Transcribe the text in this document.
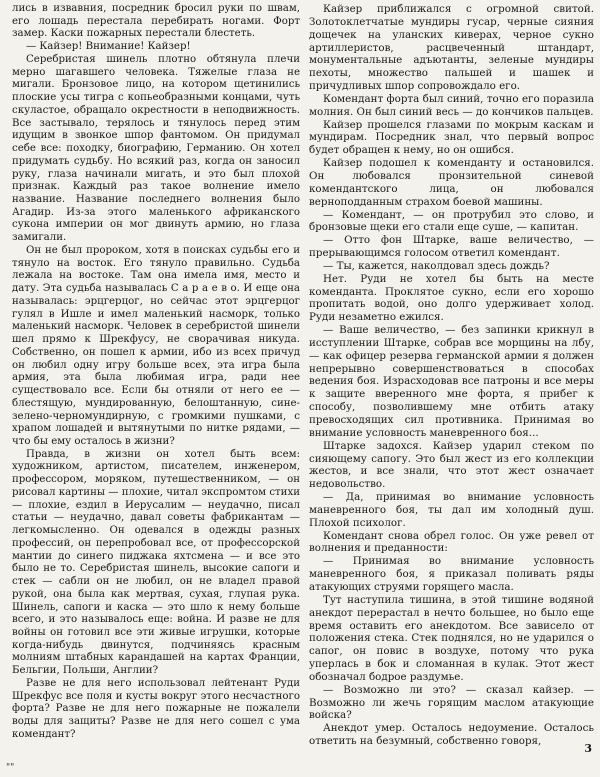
лись в извавния, посредник бросил руки по швам, его лошадь перестала перебирать ногами. Форт замер. Каски пожарных перестали блестеть.

— Кайзер! Внимание! Кайзер!

Серебристая шинель плотно обтянула плечи мерно шагавшего человека. Тяжелые глаза не мигали. Бронзовое лицо, на котором щетинились плоские усы тигра с копьеобразными концами, чуть скуластое, обращало окрестности в неподвижность. Все застывало, терялось и тянулось перед этим идущим в звонкое шпор фантомом. Он придумал себе все: походку, биографию, Германию. Он хотел придумать судьбу. Но всякий раз, когда он заносил руку, глаза начинали мигать, и это был плохой признак. Каждый раз такое волнение имело название. Название последнего волнения было Агадир. Из-за этого маленького африканского сукона империи он мог двинуть армию, но глаза замигали.

Он не был пророком, хотя в поисках судьбы его и тянуло на восток. Его тянуло правильно. Судьба лежала на востоке. Там она имела имя, место и дату. Эта судьба называлась С а р а е в о. И еще она называлась: эрцгерцог, но сейчас этот эрцгерцог гулял в Ишле и имел маленький насморк, только маленький насморк. Человек в серебристой шинели шел прямо к Шрекфусу, не сворачивая никуда. Собственно, он пошел к армии, ибо из всех причуд он любил одну игру больше всех, эта игра была армия, эта была любимая игра, ради нее существовало все. Если бы отняли от него ее — блестящую, мундированную, белоштанную, сине-зелено-черномундирную, с громкими пушками, с храпом лошадей и вытянутыми по нитке рядами, — что бы ему осталось в жизни?

Правда, в жизни он хотел быть всем: художником, артистом, писателем, инженером, профессором, моряком, путешественником, — он рисовал картины — плохие, читал экспромтом стихи — плохие, ездил в Иерусалим — неудачно, писал статьи — неудачно, давал советы фабрикантам — легкомысленно. Он одевался в одежды разных профессий, он перепробовал все, от профессорской мантии до синего пиджака яхтсмена — и все это было не то. Серебристая шинель, высокие сапоги и стек — сабли он не любил, он не владел правой рукой, она была как мертвая, сухая, глупая рука. Шинель, сапоги и каска — это шло к нему больше всего, и это называлось еще: война. И разве не для войны он готовил все эти живые игрушки, которые когда-нибудь двинутся, подчиняясь красным молниям штабных карандашей на картах Франции, Бельгии, Польши, Англии?

Разве не для него использовал лейтенант Руди Шрекфус все поля и кусты вокруг этого несчастного форта? Разве не для него пожарные не пожалели воды для защиты? Разве не для него сошел с ума комендант?

Кайзер приближался с огромной свитой. Золотоклетчатые мундиры гусар, черные сияния дощечек на уланских киверах, черное сукно артиллеристов, расцвеченный штандарт, монументальные адъютанты, зеленые мундиры пехоты, множество пальшей и шашек и причудливых шпор сопровождало его.

Комендант форта был синий, точно его поразила молния. Он был синий весь — до кончиков пальцев.

Кайзер прошелся глазами по мокрым каскам и мундирам. Посредник знал, что первый вопрос будет обращен к нему, но он ошибся.

Кайзер подошел к коменданту и остановился. Он любовался пронзительной синевой комендантского лица, он любовался верноподданным страхом боевой машины.

— Комендант, — он протрубил это слово, и бронзовые щеки его стали еще суше, — капитан.

— Отто фон Штарке, ваше величество, — прерывающимся голосом ответил комендант.

— Ты, кажется, наколдовал здесь дождь?

Нет. Руди не хотел бы быть на месте коменданта. Проклятое сукно, если его хорошо пропитать водой, оно долго удерживает холод. Руди незаметно ежился.

— Ваше величество, — без запинки крикнул в исступлении Штарке, собрав все морщины на лбу, — как офицер резерва германской армии я должен непрерывно совершенствоваться в способах ведения боя. Израсходовав все патроны и все меры к защите вверенного мне форта, я прибег к способу, позволившему мне отбить атаку превосходящих сил противника. Принимая во внимание условность маневренного боя...

Штарке задохся. Кайзер ударил стеком по сияющему сапогу. Это был жест из его коллекции жестов, и все знали, что этот жест означает недовольство.

— Да, принимая во внимание условность маневренного боя, ты дал им холодный душ. Плохой психолог.

Комендант снова обрел голос. Он уже ревел от волнения и преданности:

— Принимая во внимание условность маневренного боя, я приказал поливать ряды атакующих струями горящего масла.

Тут наступила тишина, в этой тишине водяной анекдот перерастал в нечто большее, но было еще время оставить его анекдотом. Все зависело от положения стека. Стек поднялся, но не ударился о сапог, он повис в воздухе, потому что рука уперлась в бок и сломанная в кулак. Этот жест обозначал бодрое раздумье.

— Возможно ли это? — сказал кайзер. — Возможно ли жечь горящим маслом атакующие войска?

Анекдот умер. Осталось недоумение. Осталось ответить на безумный, собственно говоря,

""
3
